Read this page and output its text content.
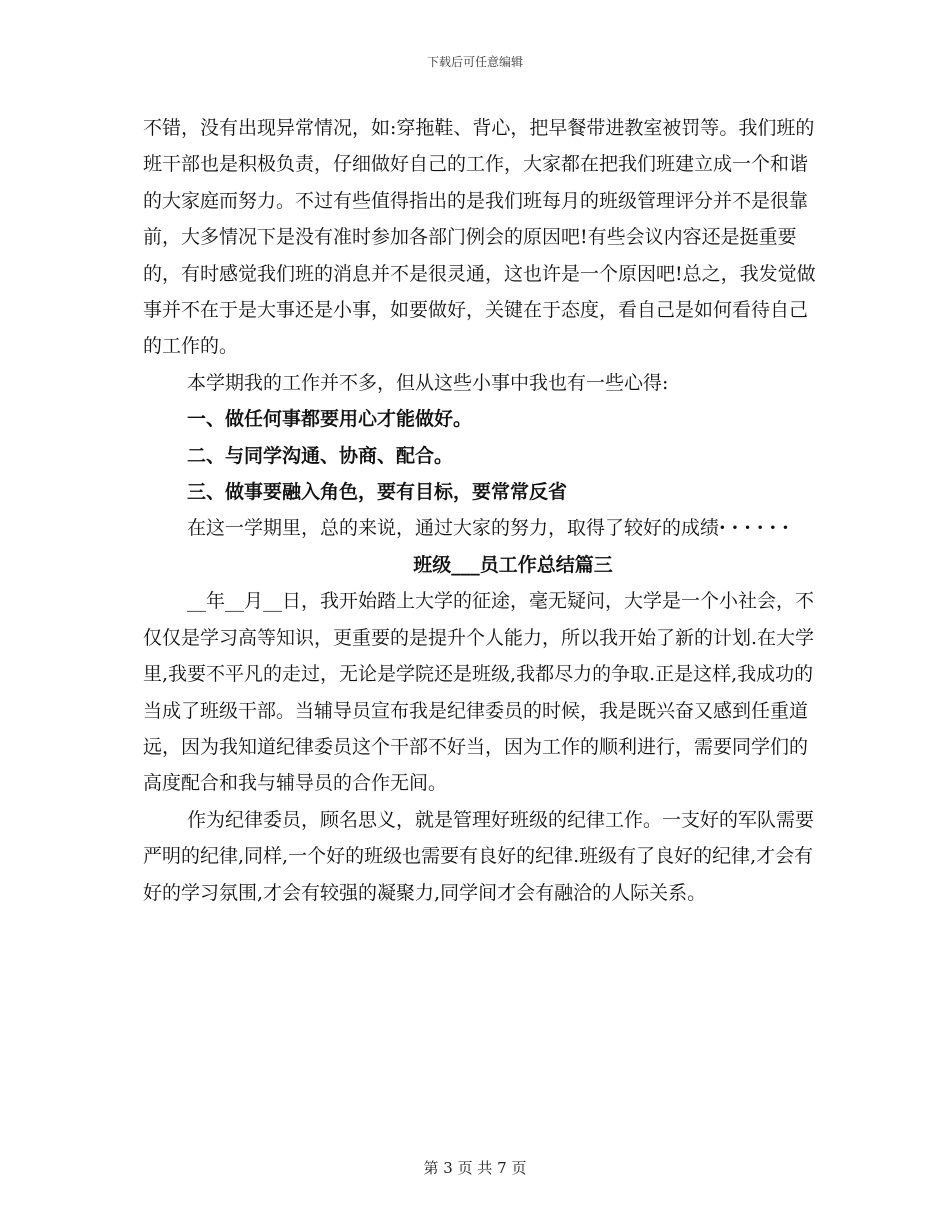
下载后可任意编辑

不错，没有出现异常情况，如:穿拖鞋、背心，把早餐带进教室被罚等。我们班的班干部也是积极负责，仔细做好自己的工作，大家都在把我们班建立成一个和谐的大家庭而努力。不过有些值得指出的是我们班每月的班级管理评分并不是很靠前，大多情况下是没有准时参加各部门例会的原因吧!有些会议内容还是挺重要的，有时感觉我们班的消息并不是很灵通，这也许是一个原因吧!总之，我发觉做事并不在于是大事还是小事，如要做好，关键在于态度，看自己是如何看待自己的工作的。

本学期我的工作并不多，但从这些小事中我也有一些心得:

一、做任何事都要用心才能做好。

二、与同学沟通、协商、配合。

三、做事要融入角色，要有目标，要常常反省

在这一学期里，总的来说，通过大家的努力，取得了较好的成绩······

班级___员工作总结篇三

__年__月__日，我开始踏上大学的征途，毫无疑问，大学是一个小社会，不仅仅是学习高等知识，更重要的是提升个人能力，所以我开始了新的计划.在大学里,我要不平凡的走过，无论是学院还是班级,我都尽力的争取.正是这样,我成功的当成了班级干部。当辅导员宣布我是纪律委员的时候，我是既兴奋又感到任重道远，因为我知道纪律委员这个干部不好当，因为工作的顺利进行，需要同学们的高度配合和我与辅导员的合作无间。

作为纪律委员，顾名思义，就是管理好班级的纪律工作。一支好的军队需要严明的纪律,同样,一个好的班级也需要有良好的纪律.班级有了良好的纪律,才会有好的学习氛围,才会有较强的凝聚力,同学间才会有融洽的人际关系。

第 3 页 共 7 页
